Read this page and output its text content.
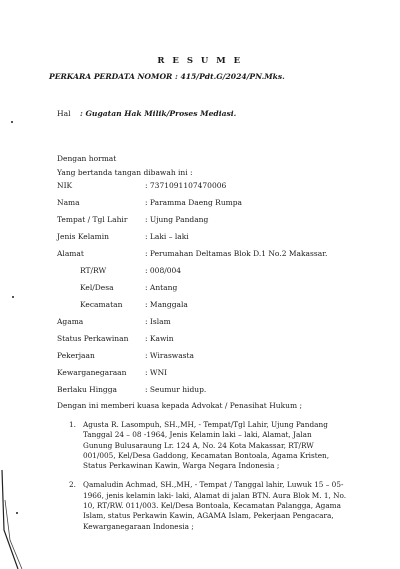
R E S U M E
PERKARA PERDATA NOMOR : 415/Pdt.G/2024/PN.Mks.
Hal : Gugatan Hak Milik/Proses Mediasi.
Dengan hormat
Yang bertanda tangan dibawah ini :
NIK	: 7371091107470006
Nama	: Paramma Daeng Rumpa
Tempat / Tgl Lahir : Ujung Pandang
Jenis Kelamin	: Laki – laki
Alamat	: Perumahan Deltamas Blok D.1 No.2 Makassar.
RT/RW	: 008/004
Kel/Desa	: Antang
Kecamatan	: Manggala
Agama	: Islam
Status Perkawinan : Kawin
Pekerjaan	: Wiraswasta
Kewarganegaraan : WNI
Berlaku Hingga	: Seumur hidup.
Dengan ini memberi kuasa kepada Advokat / Penasihat Hukum ;
1. Agusta R. Lasompuh, SH.,MH, - Tempat/Tgl Lahir, Ujung Pandang
Tanggal 24 – 08 -1964, Jenis Kelamin laki – laki, Alamat, Jalan
Gunung Bulusaraung Lr. 124 A, No. 24 Kota Makassar, RT/RW
001/005, Kel/Desa Gaddong, Kecamatan Bontoala, Agama Kristen,
Status Perkawinan Kawin, Warga Negara Indonesia ;
2. Qamaludin Achmad, SH.,MH, - Tempat / Tanggal lahir, Luwuk 15 – 05-
1966, jenis kelamin laki- laki, Alamat di jalan BTN. Aura Blok M. 1, No.
10, RT/RW. 011/003. Kel/Desa Bontoala, Kecamatan Palangga, Agama
Islam, status Perkawin Kawin, AGAMA Islam, Pekerjaan Pengacara,
Kewarganegaraan Indonesia ;
